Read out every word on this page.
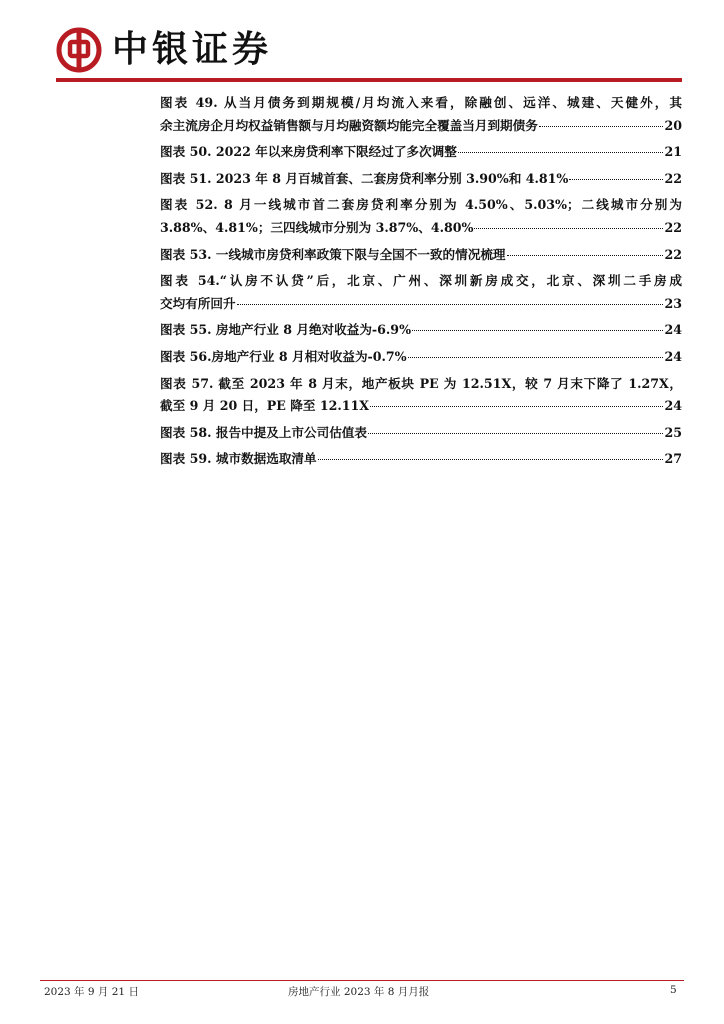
中银证券
图表 49. 从当月债务到期规模/月均流入来看，除融创、远洋、城建、天健外，其
余主流房企月均权益销售额与月均融资额均能完全覆盖当月到期债务	20
图表 50. 2022 年以来房贷利率下限经过了多次调整	21
图表 51. 2023 年 8 月百城首套、二套房贷利率分别 3.90%和 4.81%	22
图表 52. 8 月一线城市首二套房贷利率分别为 4.50%、5.03%；二线城市分别为
3.88%、4.81%；三四线城市分别为 3.87%、4.80%	22
图表 53. 一线城市房贷利率政策下限与全国不一致的情况梳理	22
图表 54.“认房不认贷”后，北京、广州、深圳新房成交，北京、深圳二手房成
交均有所回升	23
图表 55. 房地产行业 8 月绝对收益为-6.9%	24
图表 56.房地产行业 8 月相对收益为-0.7%	24
图表 57. 截至 2023 年 8 月末，地产板块 PE 为 12.51X，较 7 月末下降了 1.27X，
截至 9 月 20 日，PE 降至 12.11X	24
图表 58. 报告中提及上市公司估值表	25
图表 59. 城市数据选取清单	27
2023 年 9 月 21 日	房地产行业 2023 年 8 月月报	5
